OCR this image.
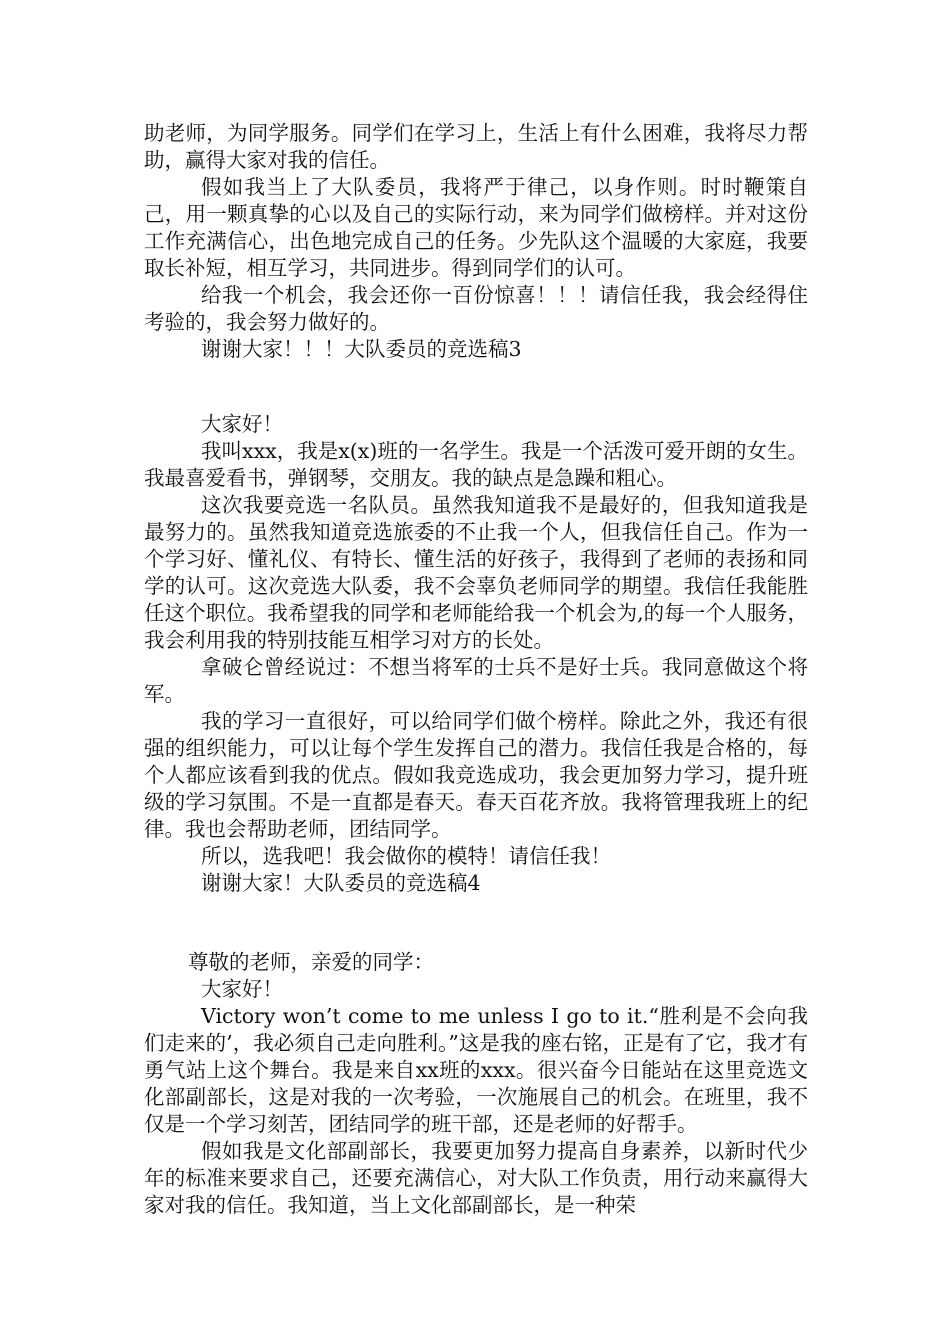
助老师，为同学服务。同学们在学习上，生活上有什么困难，我将尽力帮助，赢得大家对我的信任。

假如我当上了大队委员，我将严于律己，以身作则。时时鞭策自己，用一颗真挚的心以及自己的实际行动，来为同学们做榜样。并对这份工作充满信心，出色地完成自己的任务。少先队这个温暖的大家庭，我要取长补短，相互学习，共同进步。得到同学们的认可。

给我一个机会，我会还你一百份惊喜！！！请信任我，我会经得住考验的，我会努力做好的。

谢谢大家！！！大队委员的竞选稿3

大家好！

我叫xxx，我是x(x)班的一名学生。我是一个活泼可爱开朗的女生。我最喜爱看书，弹钢琴，交朋友。我的缺点是急躁和粗心。

这次我要竞选一名队员。虽然我知道我不是最好的，但我知道我是最努力的。虽然我知道竞选旅委的不止我一个人，但我信任自己。作为一个学习好、懂礼仪、有特长、懂生活的好孩子，我得到了老师的表扬和同学的认可。这次竞选大队委，我不会辜负老师同学的期望。我信任我能胜任这个职位。我希望我的同学和老师能给我一个机会为,的每一个人服务，我会利用我的特别技能互相学习对方的长处。

拿破仑曾经说过：不想当将军的士兵不是好士兵。我同意做这个将军。

我的学习一直很好，可以给同学们做个榜样。除此之外，我还有很强的组织能力，可以让每个学生发挥自己的潜力。我信任我是合格的，每个人都应该看到我的优点。假如我竞选成功，我会更加努力学习，提升班级的学习氛围。不是一直都是春天。春天百花齐放。我将管理我班上的纪律。我也会帮助老师，团结同学。

所以，选我吧！我会做你的模特！请信任我！

谢谢大家！大队委员的竞选稿4

尊敬的老师，亲爱的同学：

大家好！

Victory won’t come to me unless I go to it.“胜利是不会向我们走来的’，我必须自己走向胜利。”这是我的座右铭，正是有了它，我才有勇气站上这个舞台。我是来自xx班的xxx。很兴奋今日能站在这里竞选文化部副部长，这是对我的一次考验，一次施展自己的机会。在班里，我不仅是一个学习刻苦，团结同学的班干部，还是老师的好帮手。

假如我是文化部副部长，我要更加努力提高自身素养，以新时代少年的标准来要求自己，还要充满信心，对大队工作负责，用行动来赢得大家对我的信任。我知道，当上文化部副部长，是一种荣
